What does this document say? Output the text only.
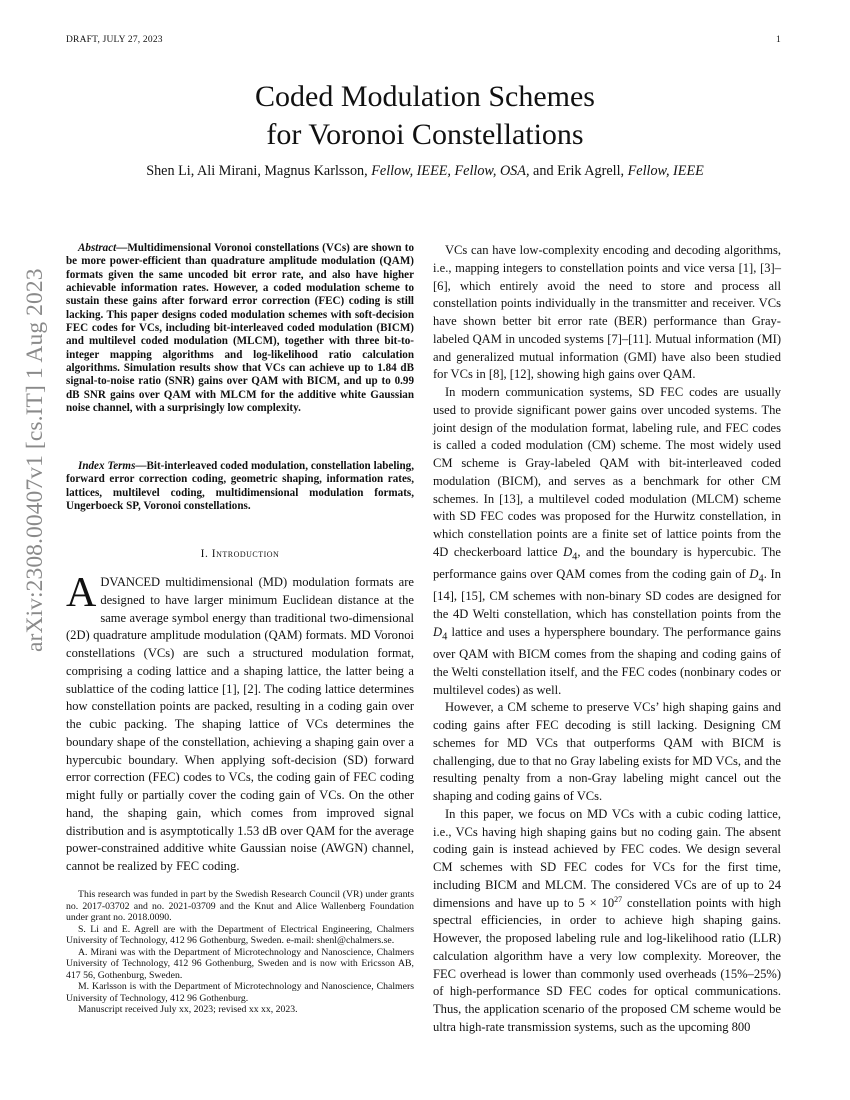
DRAFT, JULY 27, 2023	1
arXiv:2308.00407v1 [cs.IT] 1 Aug 2023
Coded Modulation Schemes
for Voronoi Constellations
Shen Li, Ali Mirani, Magnus Karlsson, Fellow, IEEE, Fellow, OSA, and Erik Agrell, Fellow, IEEE

Abstract—Multidimensional Voronoi constellations (VCs) are shown to be more power-efficient than quadrature amplitude modulation (QAM) formats given the same uncoded bit error rate, and also have higher achievable information rates. However, a coded modulation scheme to sustain these gains after forward error correction (FEC) coding is still lacking. This paper designs coded modulation schemes with soft-decision FEC codes for VCs, including bit-interleaved coded modulation (BICM) and multilevel coded modulation (MLCM), together with three bit-to-integer mapping algorithms and log-likelihood ratio calculation algorithms. Simulation results show that VCs can achieve up to 1.84 dB signal-to-noise ratio (SNR) gains over QAM with BICM, and up to 0.99 dB SNR gains over QAM with MLCM for the additive white Gaussian noise channel, with a surprisingly low complexity.

Index Terms—Bit-interleaved coded modulation, constellation labeling, forward error correction coding, geometric shaping, information rates, lattices, multilevel coding, multidimensional modulation formats, Ungerboeck SP, Voronoi constellations.

I. Introduction

ADVANCED multidimensional (MD) modulation formats are designed to have larger minimum Euclidean distance at the same average symbol energy than traditional two-dimensional (2D) quadrature amplitude modulation (QAM) formats. MD Voronoi constellations (VCs) are such a structured modulation format, comprising a coding lattice and a shaping lattice, the latter being a sublattice of the coding lattice [1], [2]. The coding lattice determines how constellation points are packed, resulting in a coding gain over the cubic packing. The shaping lattice of VCs determines the boundary shape of the constellation, achieving a shaping gain over a hypercubic boundary. When applying soft-decision (SD) forward error correction (FEC) codes to VCs, the coding gain of FEC coding might fully or partially cover the coding gain of VCs. On the other hand, the shaping gain, which comes from improved signal distribution and is asymptotically 1.53 dB over QAM for the average power-constrained additive white Gaussian noise (AWGN) channel, cannot be realized by FEC coding.

This research was funded in part by the Swedish Research Council (VR) under grants no. 2017-03702 and no. 2021-03709 and the Knut and Alice Wallenberg Foundation under grant no. 2018.0090.

S. Li and E. Agrell are with the Department of Electrical Engineering, Chalmers University of Technology, 412 96 Gothenburg, Sweden. e-mail: shenl@chalmers.se.

A. Mirani was with the Department of Microtechnology and Nanoscience, Chalmers University of Technology, 412 96 Gothenburg, Sweden and is now with Ericsson AB, 417 56, Gothenburg, Sweden.

M. Karlsson is with the Department of Microtechnology and Nanoscience, Chalmers University of Technology, 412 96 Gothenburg.

Manuscript received July xx, 2023; revised xx xx, 2023.

VCs can have low-complexity encoding and decoding algorithms, i.e., mapping integers to constellation points and vice versa [1], [3]–[6], which entirely avoid the need to store and process all constellation points individually in the transmitter and receiver. VCs have shown better bit error rate (BER) performance than Gray-labeled QAM in uncoded systems [7]–[11]. Mutual information (MI) and generalized mutual information (GMI) have also been studied for VCs in [8], [12], showing high gains over QAM.

In modern communication systems, SD FEC codes are usually used to provide significant power gains over uncoded systems. The joint design of the modulation format, labeling rule, and FEC codes is called a coded modulation (CM) scheme. The most widely used CM scheme is Gray-labeled QAM with bit-interleaved coded modulation (BICM), and serves as a benchmark for other CM schemes. In [13], a multilevel coded modulation (MLCM) scheme with SD FEC codes was proposed for the Hurwitz constellation, in which constellation points are a finite set of lattice points from the 4D checkerboard lattice $D_4$, and the boundary is hypercubic. The performance gains over QAM comes from the coding gain of $D_4$. In [14], [15], CM schemes with non-binary SD codes are designed for the 4D Welti constellation, which has constellation points from the $D_4$ lattice and uses a hypersphere boundary. The performance gains over QAM with BICM comes from the shaping and coding gains of the Welti constellation itself, and the FEC codes (nonbinary codes or multilevel codes) as well.

However, a CM scheme to preserve VCs’ high shaping gains and coding gains after FEC decoding is still lacking. Designing CM schemes for MD VCs that outperforms QAM with BICM is challenging, due to that no Gray labeling exists for MD VCs, and the resulting penalty from a non-Gray labeling might cancel out the shaping and coding gains of VCs.

In this paper, we focus on MD VCs with a cubic coding lattice, i.e., VCs having high shaping gains but no coding gain. The absent coding gain is instead achieved by FEC codes. We design several CM schemes with SD FEC codes for VCs for the first time, including BICM and MLCM. The considered VCs are of up to 24 dimensions and have up to $5 \times 10^{27}$ constellation points with high spectral efficiencies, in order to achieve high shaping gains. However, the proposed labeling rule and log-likelihood ratio (LLR) calculation algorithm have a very low complexity. Moreover, the FEC overhead is lower than commonly used overheads (15%–25%) of high-performance SD FEC codes for optical communications. Thus, the application scenario of the proposed CM scheme would be ultra high-rate transmission systems, such as the upcoming 800
